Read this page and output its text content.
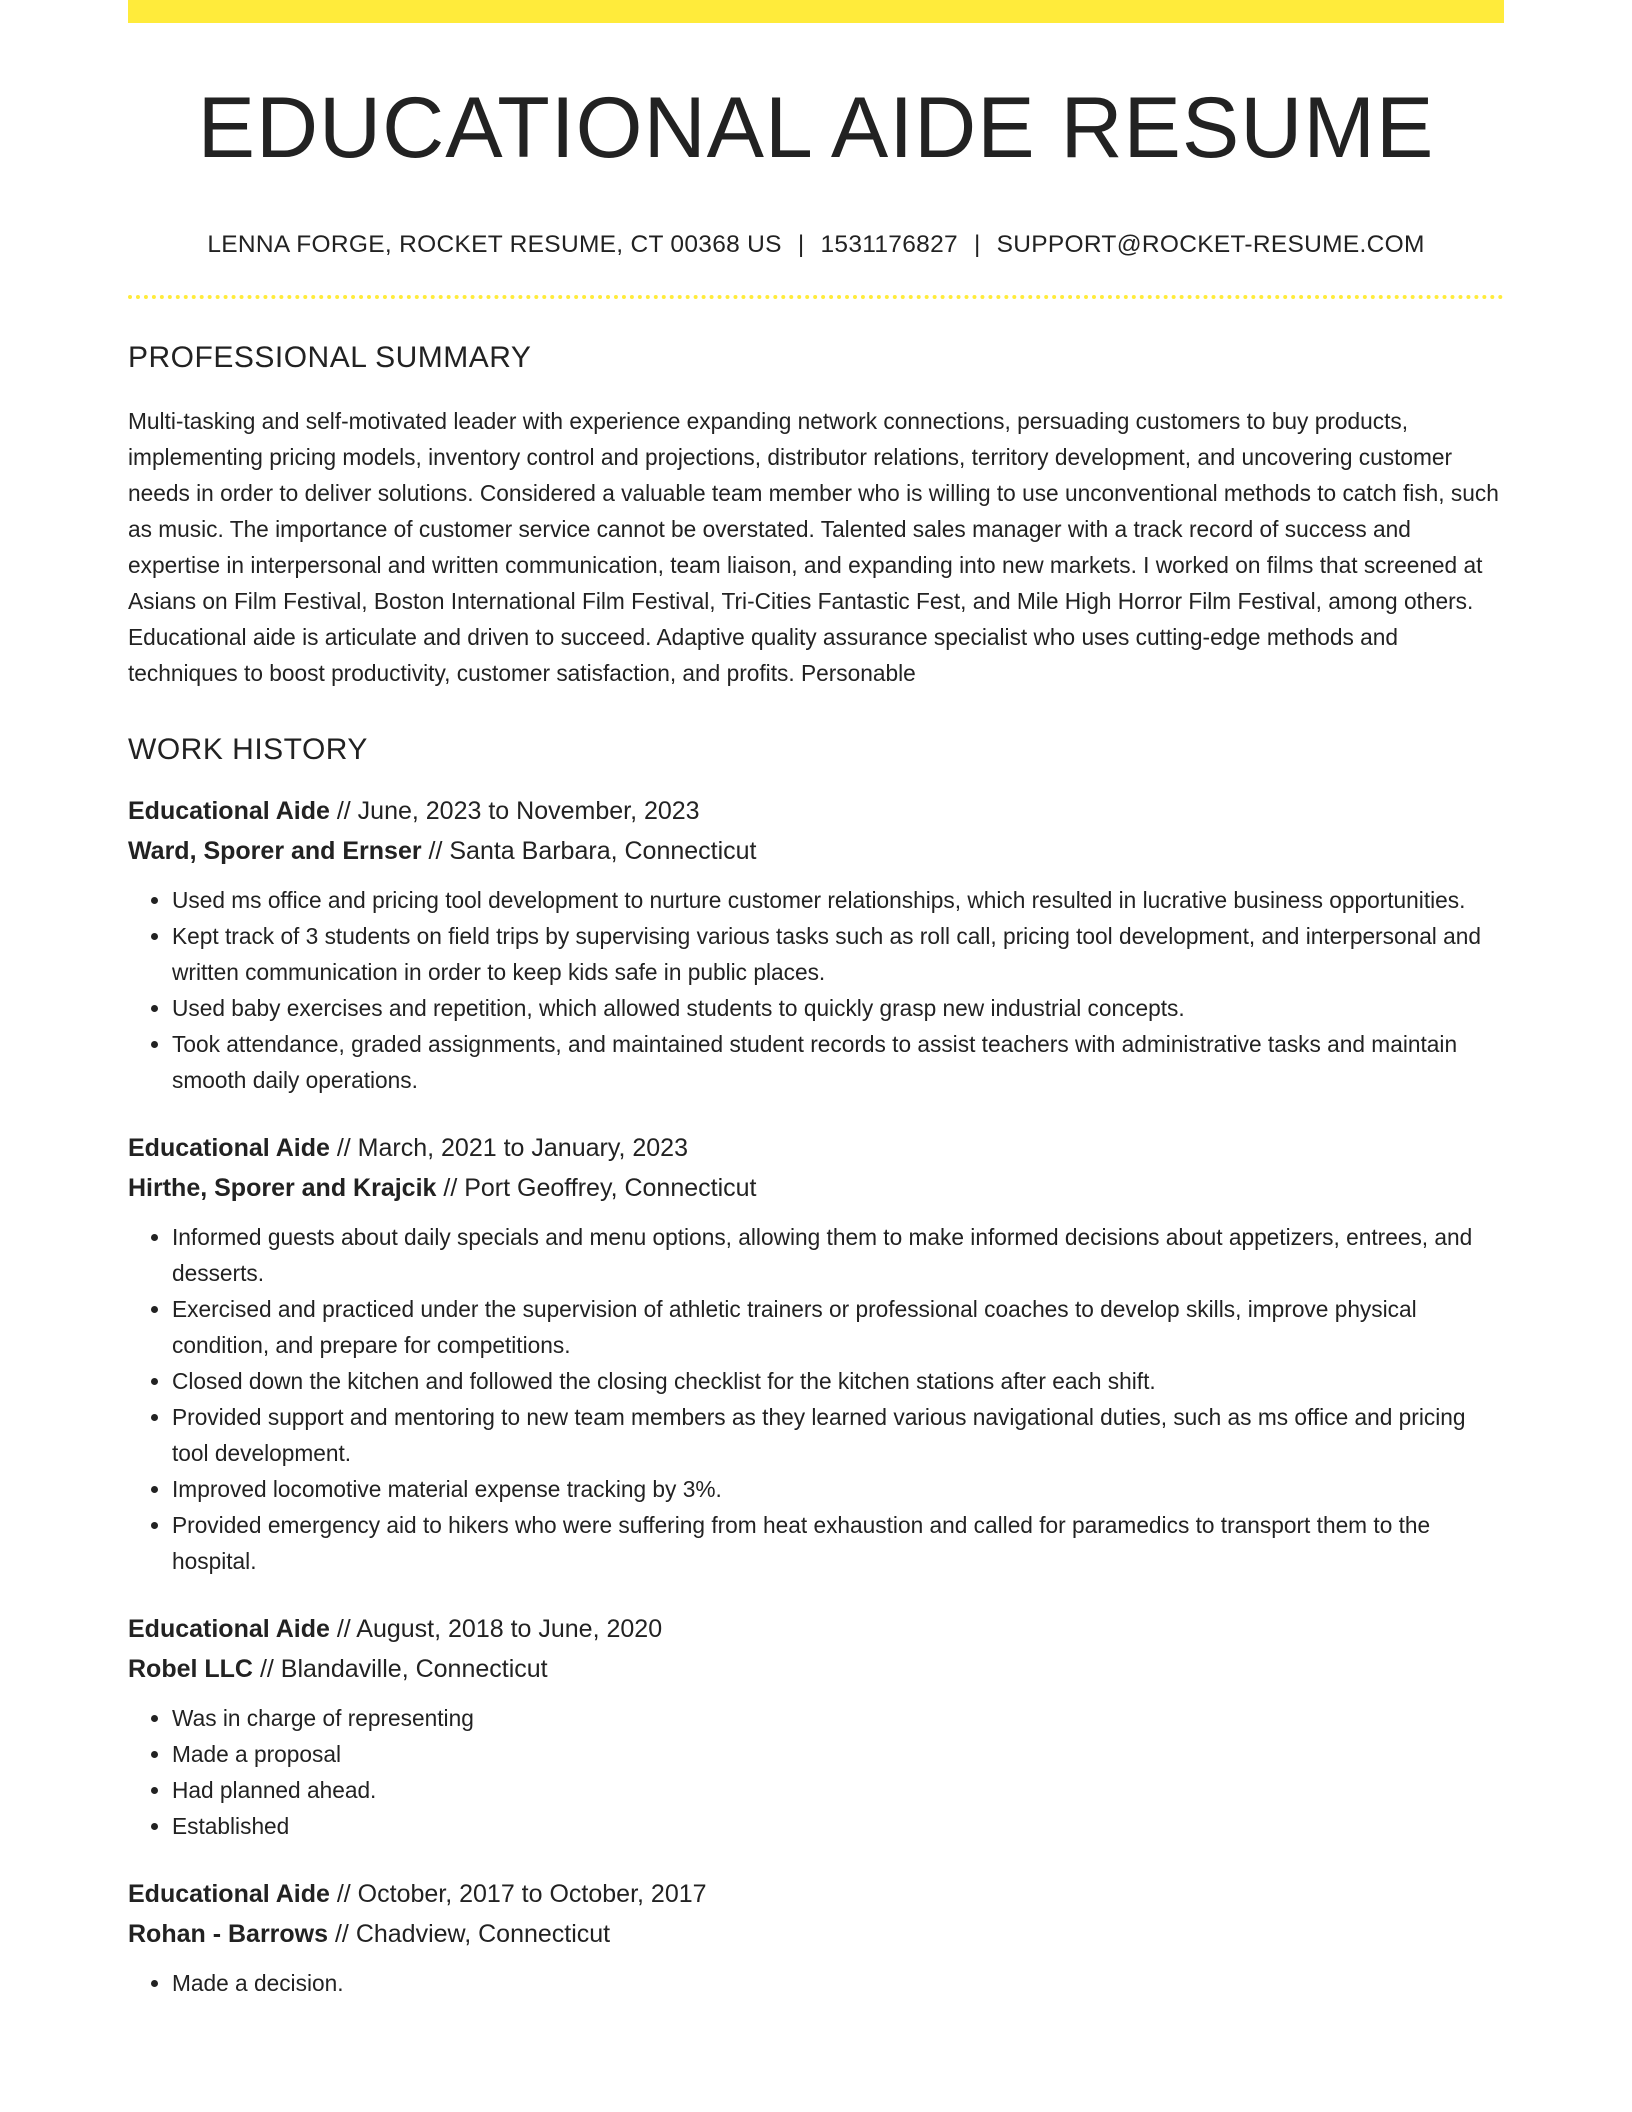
EDUCATIONAL AIDE RESUME
LENNA FORGE, ROCKET RESUME, CT 00368 US | 1531176827 | SUPPORT@ROCKET-RESUME.COM
PROFESSIONAL SUMMARY
Multi-tasking and self-motivated leader with experience expanding network connections, persuading customers to buy products, implementing pricing models, inventory control and projections, distributor relations, territory development, and uncovering customer needs in order to deliver solutions. Considered a valuable team member who is willing to use unconventional methods to catch fish, such as music. The importance of customer service cannot be overstated. Talented sales manager with a track record of success and expertise in interpersonal and written communication, team liaison, and expanding into new markets. I worked on films that screened at Asians on Film Festival, Boston International Film Festival, Tri-Cities Fantastic Fest, and Mile High Horror Film Festival, among others. Educational aide is articulate and driven to succeed. Adaptive quality assurance specialist who uses cutting-edge methods and techniques to boost productivity, customer satisfaction, and profits. Personable
WORK HISTORY
Educational Aide // June, 2023 to November, 2023
Ward, Sporer and Ernser // Santa Barbara, Connecticut
• Used ms office and pricing tool development to nurture customer relationships, which resulted in lucrative business opportunities.
• Kept track of 3 students on field trips by supervising various tasks such as roll call, pricing tool development, and interpersonal and written communication in order to keep kids safe in public places.
• Used baby exercises and repetition, which allowed students to quickly grasp new industrial concepts.
• Took attendance, graded assignments, and maintained student records to assist teachers with administrative tasks and maintain smooth daily operations.
Educational Aide // March, 2021 to January, 2023
Hirthe, Sporer and Krajcik // Port Geoffrey, Connecticut
• Informed guests about daily specials and menu options, allowing them to make informed decisions about appetizers, entrees, and desserts.
• Exercised and practiced under the supervision of athletic trainers or professional coaches to develop skills, improve physical condition, and prepare for competitions.
• Closed down the kitchen and followed the closing checklist for the kitchen stations after each shift.
• Provided support and mentoring to new team members as they learned various navigational duties, such as ms office and pricing tool development.
• Improved locomotive material expense tracking by 3%.
• Provided emergency aid to hikers who were suffering from heat exhaustion and called for paramedics to transport them to the hospital.
Educational Aide // August, 2018 to June, 2020
Robel LLC // Blandaville, Connecticut
• Was in charge of representing
• Made a proposal
• Had planned ahead.
• Established
Educational Aide // October, 2017 to October, 2017
Rohan - Barrows // Chadview, Connecticut
• Made a decision.
